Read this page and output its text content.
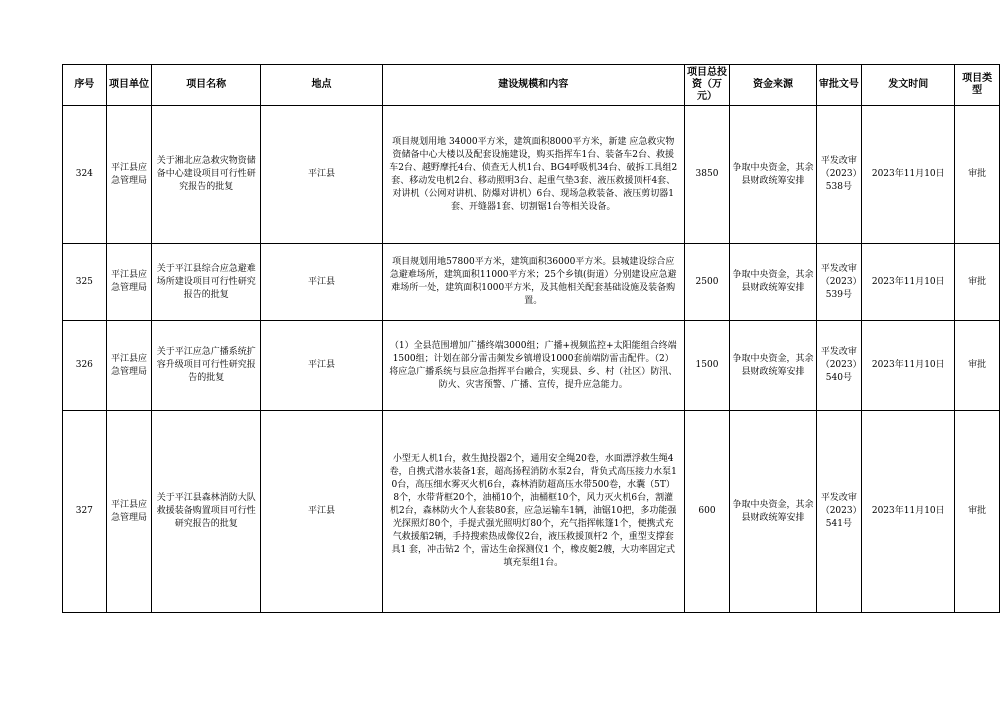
序号	项目单位	项目名称	地点	建设规模和内容	项目总投资（万元）	资金来源	审批文号	发文时间	项目类型
324	平江县应急管理局	关于湘北应急救灾物资储备中心建设项目可行性研究报告的批复	平江县	项目规划用地 34000平方米，建筑面积8000平方米，新建 应急救灾物资储备中心大楼以及配套设施建设，购买指挥车1台、装备车2台、救援车2台、越野摩托4台、侦查无人机1台、BG4呼吸机34台、破拆工具组2套、移动发电机2台、移动照明3台、起重气垫3套、液压救援顶杆4套、对讲机（公网对讲机、防爆对讲机）6台、现场急救装备、液压剪切器1套、开缝器1套、切割锯1台等相关设备。	3850	争取中央资金，其余县财政统筹安排	平发改审（2023）538号	2023年11月10日	审批
325	平江县应急管理局	关于平江县综合应急避难场所建设项目可行性研究报告的批复	平江县	项目规划用地57800平方米，建筑面积36000平方米。县城建设综合应急避难场所，建筑面积11000平方米；25个乡镇(街道）分别建设应急避难场所一处，建筑面积1000平方米，及其他相关配套基础设施及装备购置。	2500	争取中央资金，其余县财政统筹安排	平发改审（2023）539号	2023年11月10日	审批
326	平江县应急管理局	关于平江应急广播系统扩容升级项目可行性研究报告的批复	平江县	（1）全县范围增加广播终端3000组；广播+视频监控+太阳能组合终端1500组；计划在部分雷击频发乡镇增设1000套前端防雷击配件。（2）将应急广播系统与县应急指挥平台融合，实现县、乡、村（社区）防汛、防火、灾害预警、广播、宣传，提升应急能力。	1500	争取中央资金，其余县财政统筹安排	平发改审（2023）540号	2023年11月10日	审批
327	平江县应急管理局	关于平江县森林消防大队救援装备购置项目可行性研究报告的批复	平江县	小型无人机1台，救生抛投器2个，通用安全绳20卷，水面漂浮救生绳4卷，自携式潜水装备1套，超高扬程消防水泵2台，背负式高压接力水泵10台，高压细水雾灭火机6台，森林消防超高压水带500卷，水囊（5T）8个，水带背框20个，油桶10个，油桶框10个，风力灭火机6台，割灌机2台，森林防火个人套装80套，应急运输车1辆，油锯10把，多功能强光探照灯80个，手提式强光照明灯80个，充气指挥帐篷1个，便携式充气救援船2辆，手持搜索热成像仪2台，液压救援顶杆2 个，重型支撑套具1 套，冲击钻2 个，雷达生命探测仪1 个，橡皮艇2艘，大功率固定式填充泵组1台。	600	争取中央资金，其余县财政统筹安排	平发改审（2023）541号	2023年11月10日	审批
